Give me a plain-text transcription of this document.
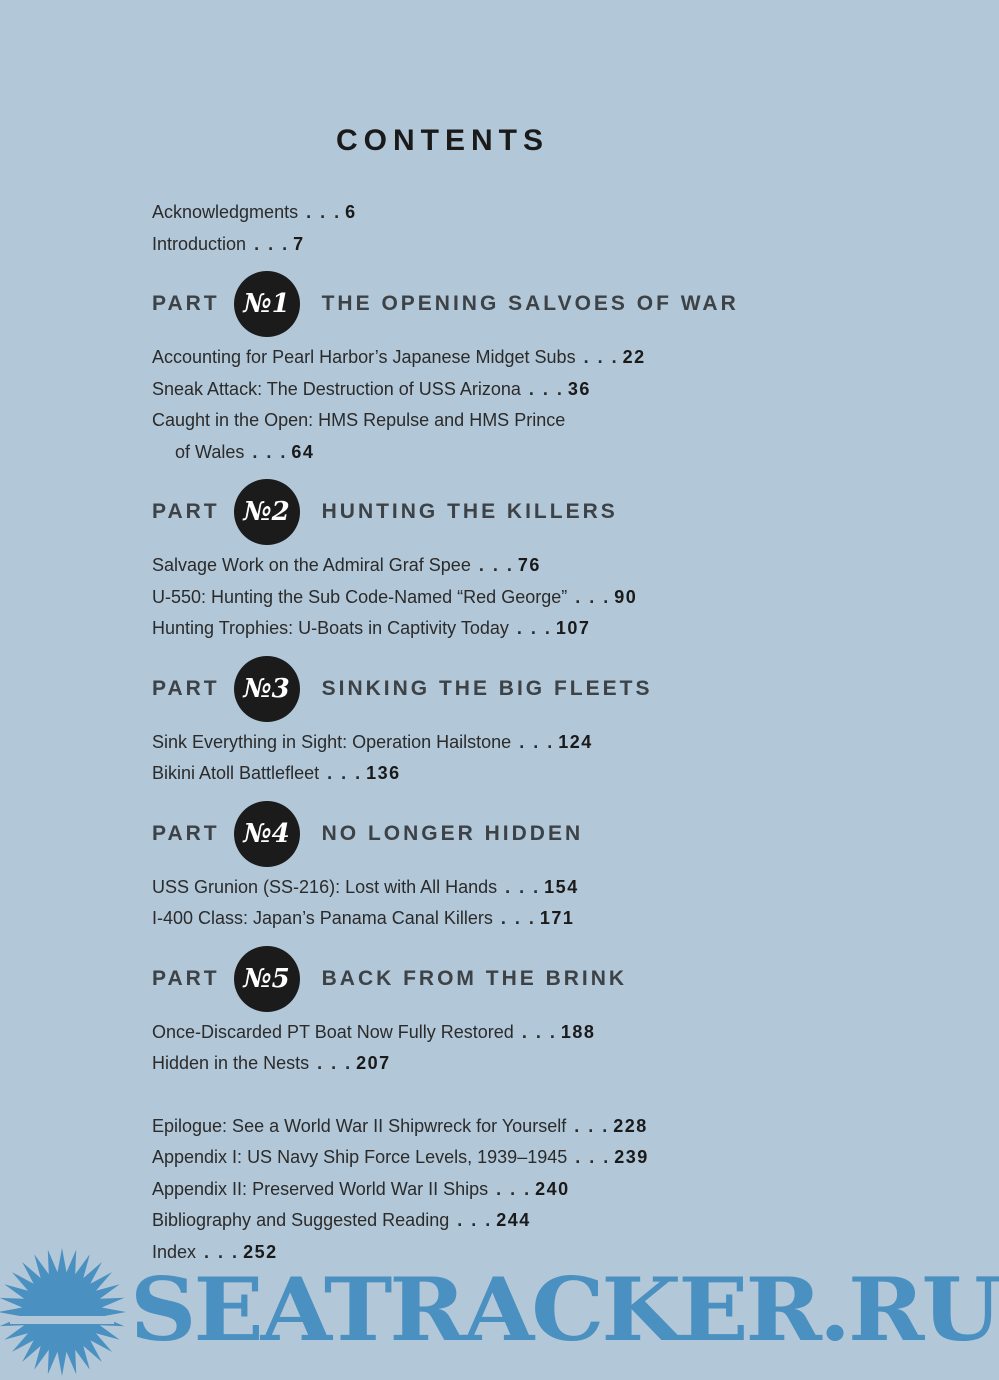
CONTENTS
Acknowledgments . . . 6
Introduction . . . 7
PART №1	THE OPENING SALVOES OF WAR
Accounting for Pearl Harbor’s Japanese Midget Subs . . . 22
Sneak Attack: The Destruction of USS Arizona . . . 36
Caught in the Open: HMS Repulse and HMS Prince
of Wales . . . 64
PART №2	HUNTING THE KILLERS
Salvage Work on the Admiral Graf Spee . . . 76
U-550: Hunting the Sub Code-Named “Red George” . . . 90
Hunting Trophies: U-Boats in Captivity Today . . . 107
PART №3	SINKING THE BIG FLEETS
Sink Everything in Sight: Operation Hailstone . . . 124
Bikini Atoll Battlefleet . . . 136
PART №4	NO LONGER HIDDEN
USS Grunion (SS-216): Lost with All Hands . . . 154
I-400 Class: Japan’s Panama Canal Killers . . . 171
PART №5	BACK FROM THE BRINK
Once-Discarded PT Boat Now Fully Restored . . . 188
Hidden in the Nests . . . 207
Epilogue: See a World War II Shipwreck for Yourself . . . 228
Appendix I: US Navy Ship Force Levels, 1939–1945 . . . 239
Appendix II: Preserved World War II Ships . . . 240
Bibliography and Suggested Reading . . . 244
Index . . . 252
SEATRACKER.RU
